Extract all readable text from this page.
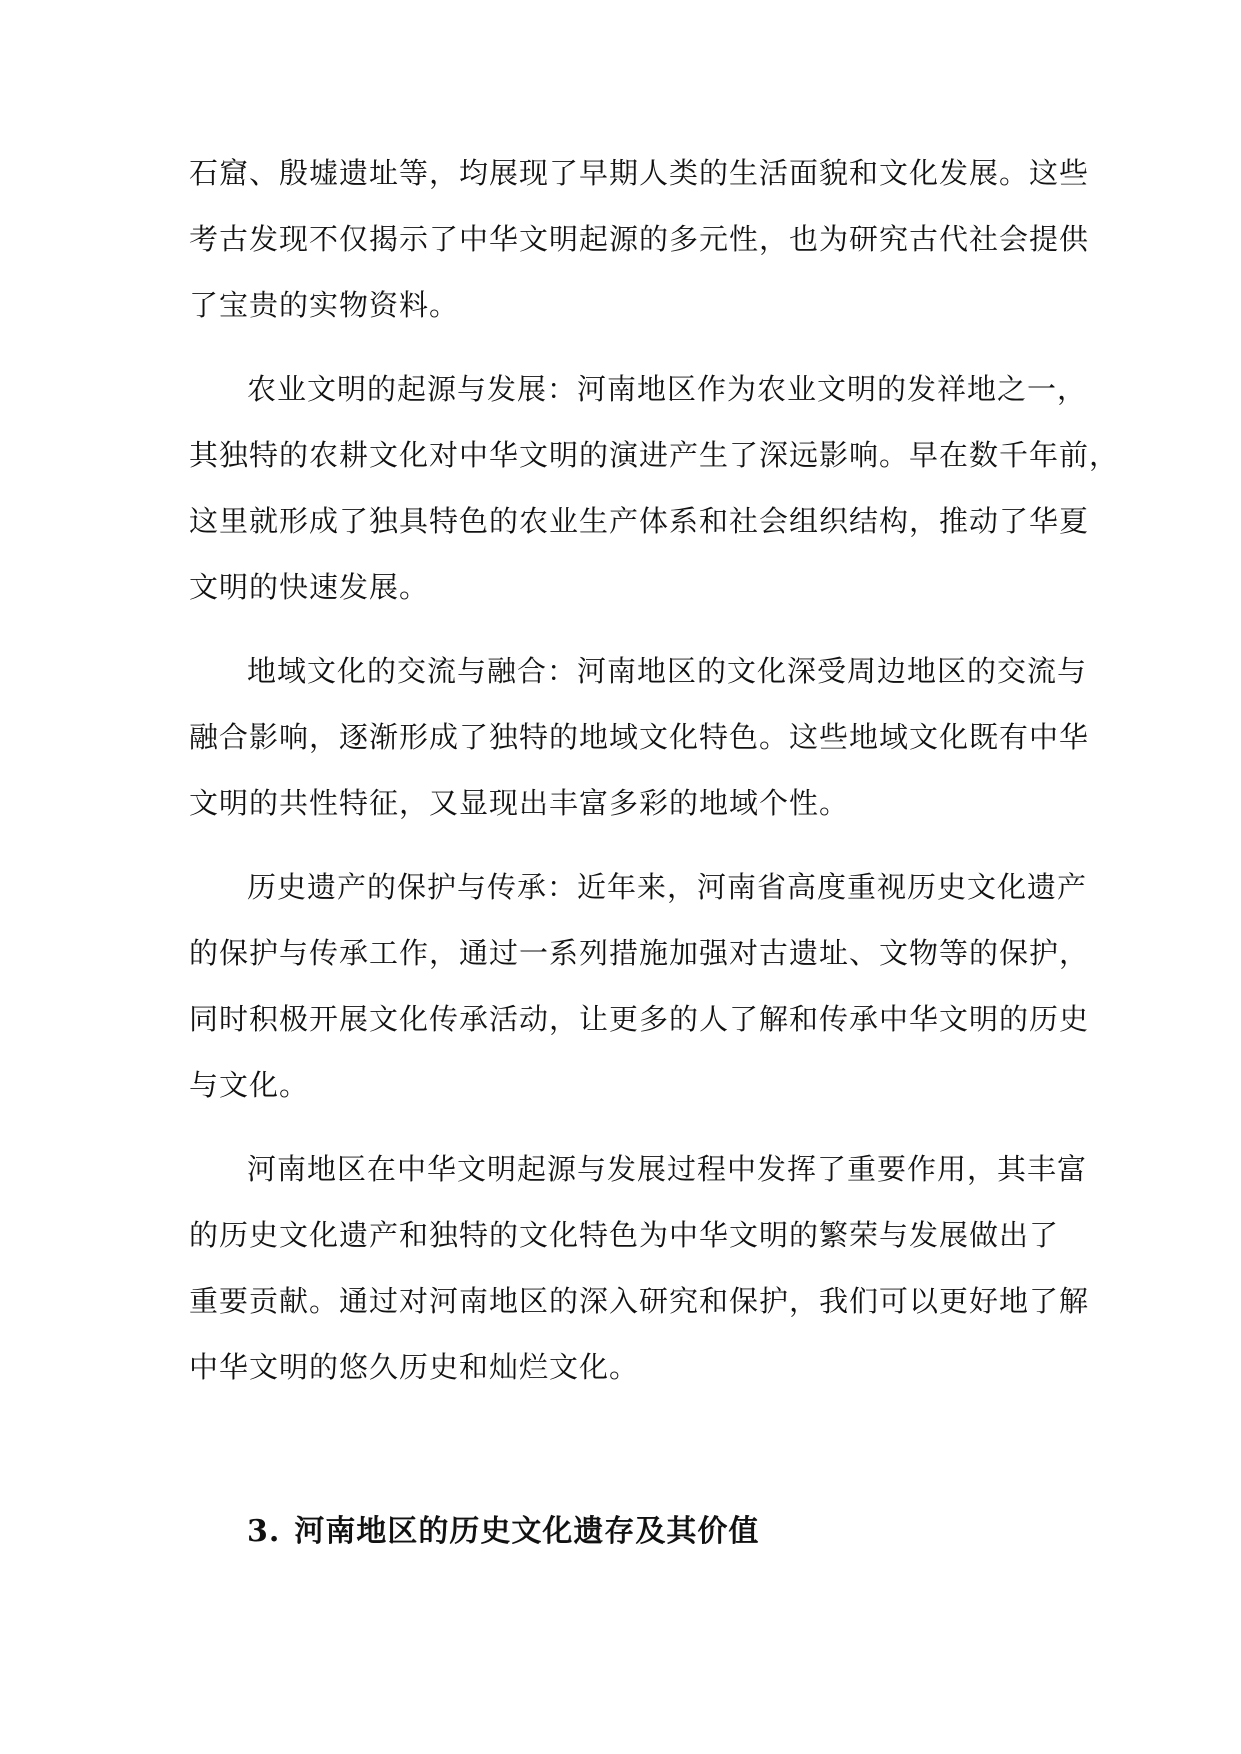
石窟、殷墟遗址等，均展现了早期人类的生活面貌和文化发展。这些
考古发现不仅揭示了中华文明起源的多元性，也为研究古代社会提供
了宝贵的实物资料。

农业文明的起源与发展：河南地区作为农业文明的发祥地之一，
其独特的农耕文化对中华文明的演进产生了深远影响。早在数千年前，
这里就形成了独具特色的农业生产体系和社会组织结构，推动了华夏
文明的快速发展。

地域文化的交流与融合：河南地区的文化深受周边地区的交流与
融合影响，逐渐形成了独特的地域文化特色。这些地域文化既有中华
文明的共性特征，又显现出丰富多彩的地域个性。

历史遗产的保护与传承：近年来，河南省高度重视历史文化遗产
的保护与传承工作，通过一系列措施加强对古遗址、文物等的保护，
同时积极开展文化传承活动，让更多的人了解和传承中华文明的历史
与文化。

河南地区在中华文明起源与发展过程中发挥了重要作用，其丰富
的历史文化遗产和独特的文化特色为中华文明的繁荣与发展做出了
重要贡献。通过对河南地区的深入研究和保护，我们可以更好地了解
中华文明的悠久历史和灿烂文化。

3. 河南地区的历史文化遗存及其价值
